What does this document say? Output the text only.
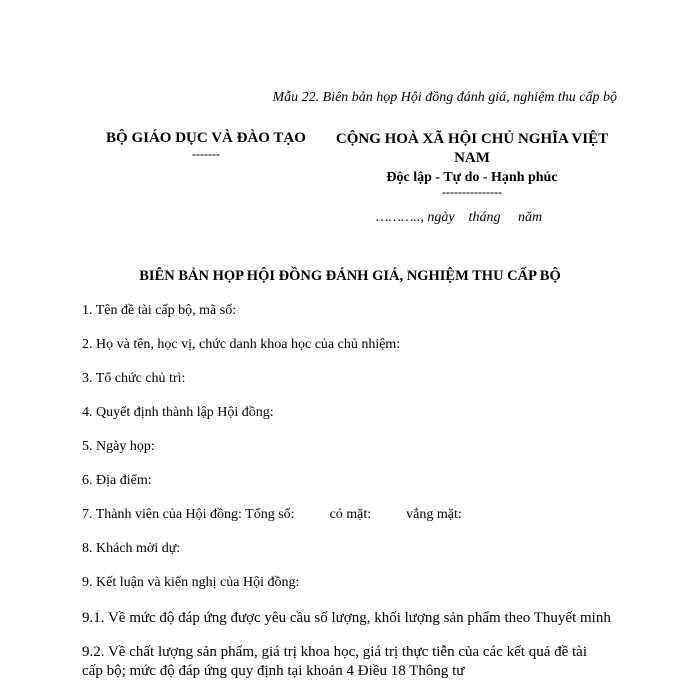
Mẫu 22. Biên bản họp Hội đồng đánh giá, nghiệm thu cấp bộ
BỘ GIÁO DỤC VÀ ĐÀO TẠO
-------
CỘNG HOÀ XÃ HỘI CHỦ NGHĨA VIỆT NAM
Độc lập - Tự do - Hạnh phúc
---------------
……….., ngày    tháng     năm
BIÊN BẢN HỌP HỘI ĐỒNG ĐÁNH GIÁ, NGHIỆM THU CẤP BỘ
1. Tên đề tài cấp bộ, mã số:
2. Họ và tên, học vị, chức danh khoa học của chủ nhiệm:
3. Tổ chức chủ trì:
4. Quyết định thành lập Hội đồng:
5. Ngày họp:
6. Địa điểm:
7. Thành viên của Hội đồng: Tổng số:          có mặt:          vắng mặt:
8. Khách mời dự:
9. Kết luận và kiến nghị của Hội đồng:
9.1. Về mức độ đáp ứng được yêu cầu số lượng, khối lượng sản phẩm theo Thuyết minh
9.2. Về chất lượng sản phẩm, giá trị khoa học, giá trị thực tiễn của các kết quả đề tài cấp bộ; mức độ đáp ứng quy định tại khoản 4 Điều 18 Thông tư
